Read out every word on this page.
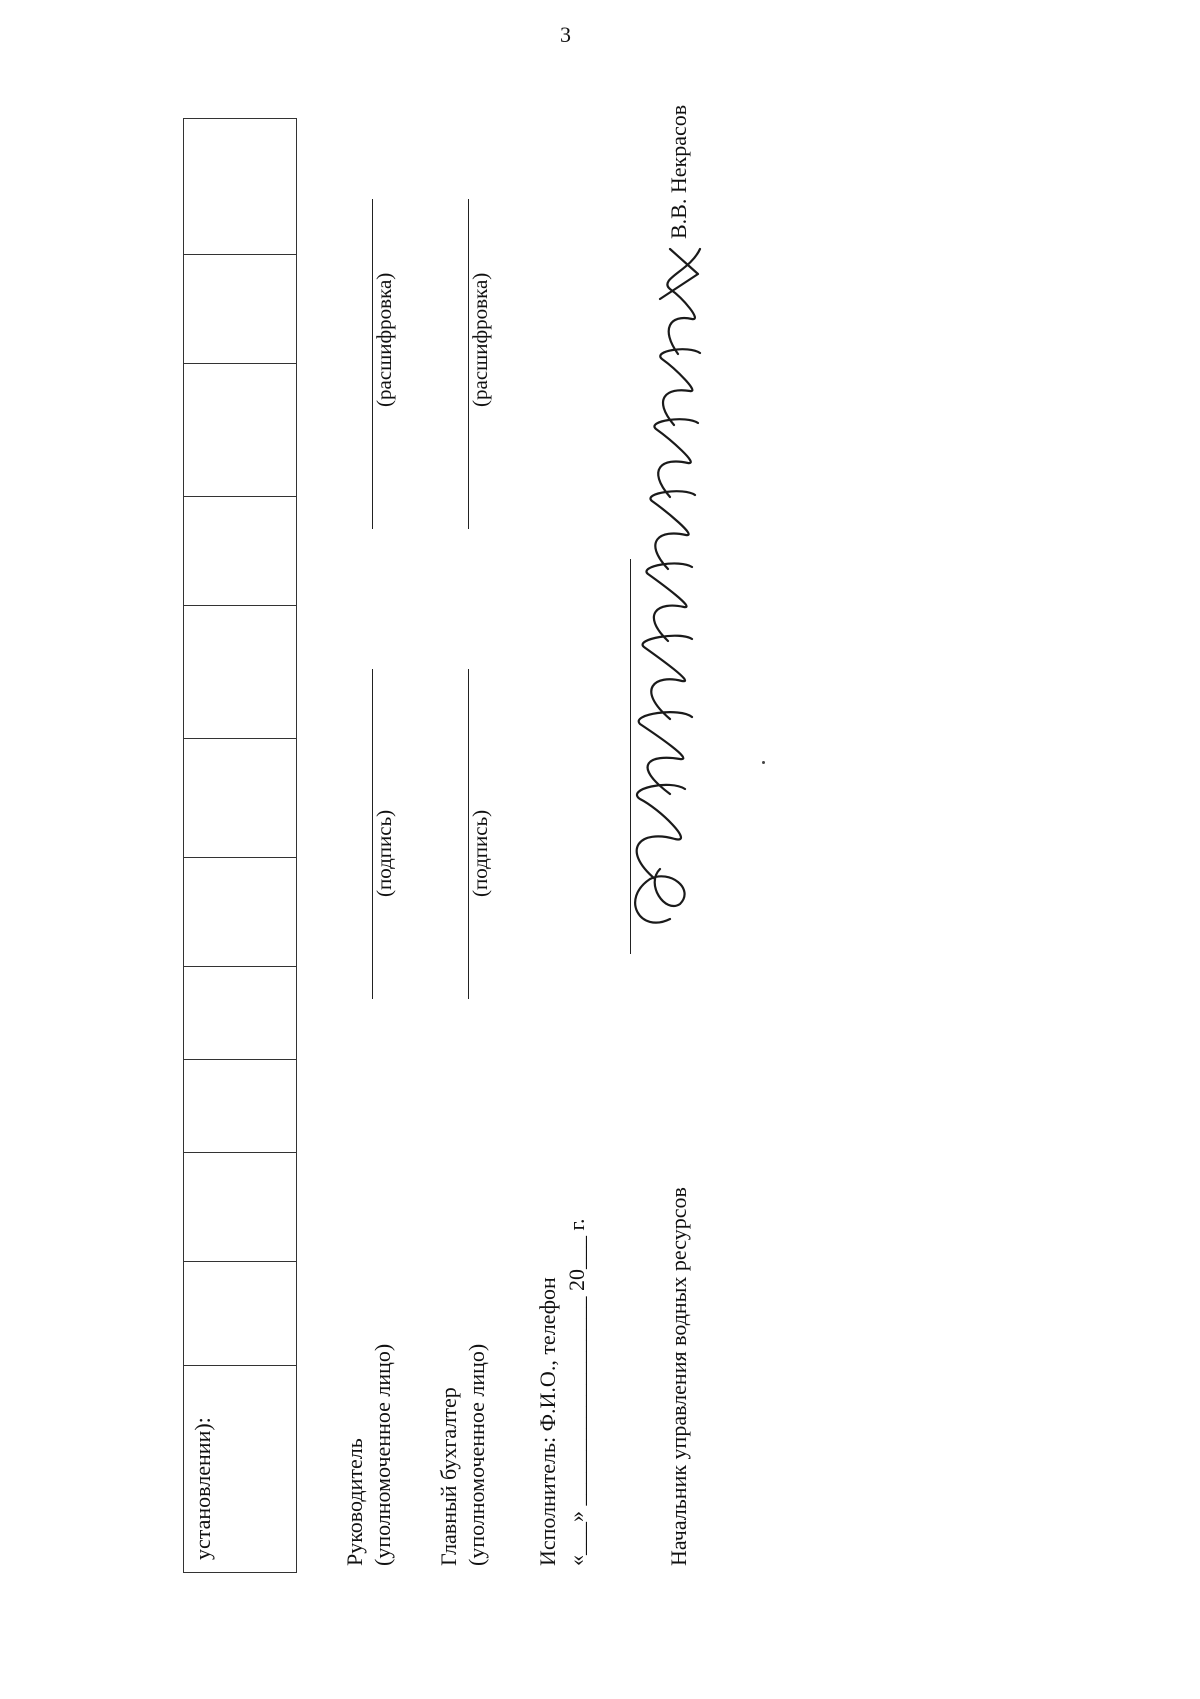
3
установлении):												Руководитель (уполномоченное лицо)
(подпись)
(расшифровка)
Главный бухгалтер (уполномоченное лицо)
(подпись)
(расшифровка)
Исполнитель: Ф.И.О., телефон «___» ___________________ 20___ г.	Начальник управления водных ресурсов
В.В. Некрасов
